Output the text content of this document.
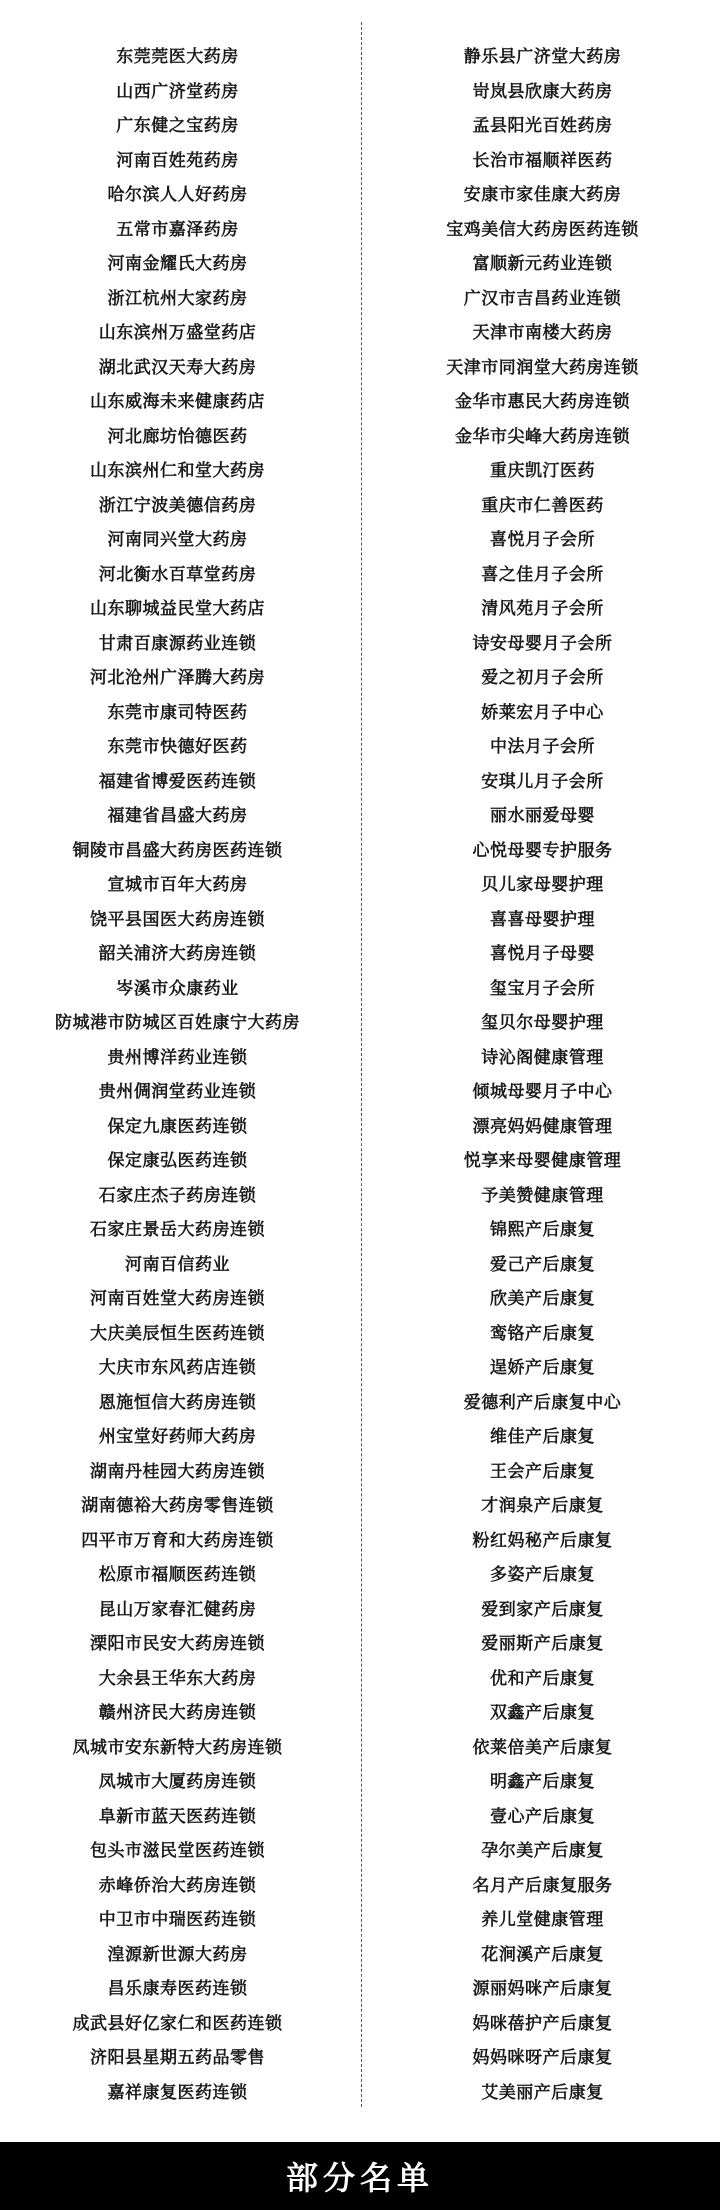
东莞莞医大药房
山西广济堂药房
广东健之宝药房
河南百姓苑药房
哈尔滨人人好药房
五常市嘉泽药房
河南金耀氏大药房
浙江杭州大家药房
山东滨州万盛堂药店
湖北武汉天寿大药房
山东威海未来健康药店
河北廊坊怡德医药
山东滨州仁和堂大药房
浙江宁波美德信药房
河南同兴堂大药房
河北衡水百草堂药房
山东聊城益民堂大药店
甘肃百康源药业连锁
河北沧州广泽腾大药房
东莞市康司特医药
东莞市快德好医药
福建省博爱医药连锁
福建省昌盛大药房
铜陵市昌盛大药房医药连锁
宣城市百年大药房
饶平县国医大药房连锁
韶关浦济大药房连锁
岑溪市众康药业
防城港市防城区百姓康宁大药房
贵州博洋药业连锁
贵州倜润堂药业连锁
保定九康医药连锁
保定康弘医药连锁
石家庄杰子药房连锁
石家庄景岳大药房连锁
河南百信药业
河南百姓堂大药房连锁
大庆美辰恒生医药连锁
大庆市东风药店连锁
恩施恒信大药房连锁
州宝堂好药师大药房
湖南丹桂园大药房连锁
湖南德裕大药房零售连锁
四平市万育和大药房连锁
松原市福顺医药连锁
昆山万家春汇健药房
溧阳市民安大药房连锁
大余县王华东大药房
赣州济民大药房连锁
凤城市安东新特大药房连锁
凤城市大厦药房连锁
阜新市蓝天医药连锁
包头市滋民堂医药连锁
赤峰侨治大药房连锁
中卫市中瑞医药连锁
湟源新世源大药房
昌乐康寿医药连锁
成武县好亿家仁和医药连锁
济阳县星期五药品零售
嘉祥康复医药连锁
静乐县广济堂大药房
岢岚县欣康大药房
孟县阳光百姓药房
长治市福顺祥医药
安康市家佳康大药房
宝鸡美信大药房医药连锁
富顺新元药业连锁
广汉市吉昌药业连锁
天津市南楼大药房
天津市同润堂大药房连锁
金华市惠民大药房连锁
金华市尖峰大药房连锁
重庆凯汀医药
重庆市仁善医药
喜悦月子会所
喜之佳月子会所
清风苑月子会所
诗安母婴月子会所
爱之初月子会所
娇莱宏月子中心
中法月子会所
安琪儿月子会所
丽水丽爱母婴
心悦母婴专护服务
贝儿家母婴护理
喜喜母婴护理
喜悦月子母婴
玺宝月子会所
玺贝尔母婴护理
诗沁阁健康管理
倾城母婴月子中心
漂亮妈妈健康管理
悦享来母婴健康管理
予美赞健康管理
锦熙产后康复
爱己产后康复
欣美产后康复
鸾铬产后康复
逞娇产后康复
爱德利产后康复中心
维佳产后康复
王会产后康复
才润泉产后康复
粉红妈秘产后康复
多姿产后康复
爱到家产后康复
爱丽斯产后康复
优和产后康复
双鑫产后康复
依莱倍美产后康复
明鑫产后康复
壹心产后康复
孕尔美产后康复
名月产后康复服务
养儿堂健康管理
花涧溪产后康复
源丽妈咪产后康复
妈咪蓓护产后康复
妈妈咪呀产后康复
艾美丽产后康复
部分名单
